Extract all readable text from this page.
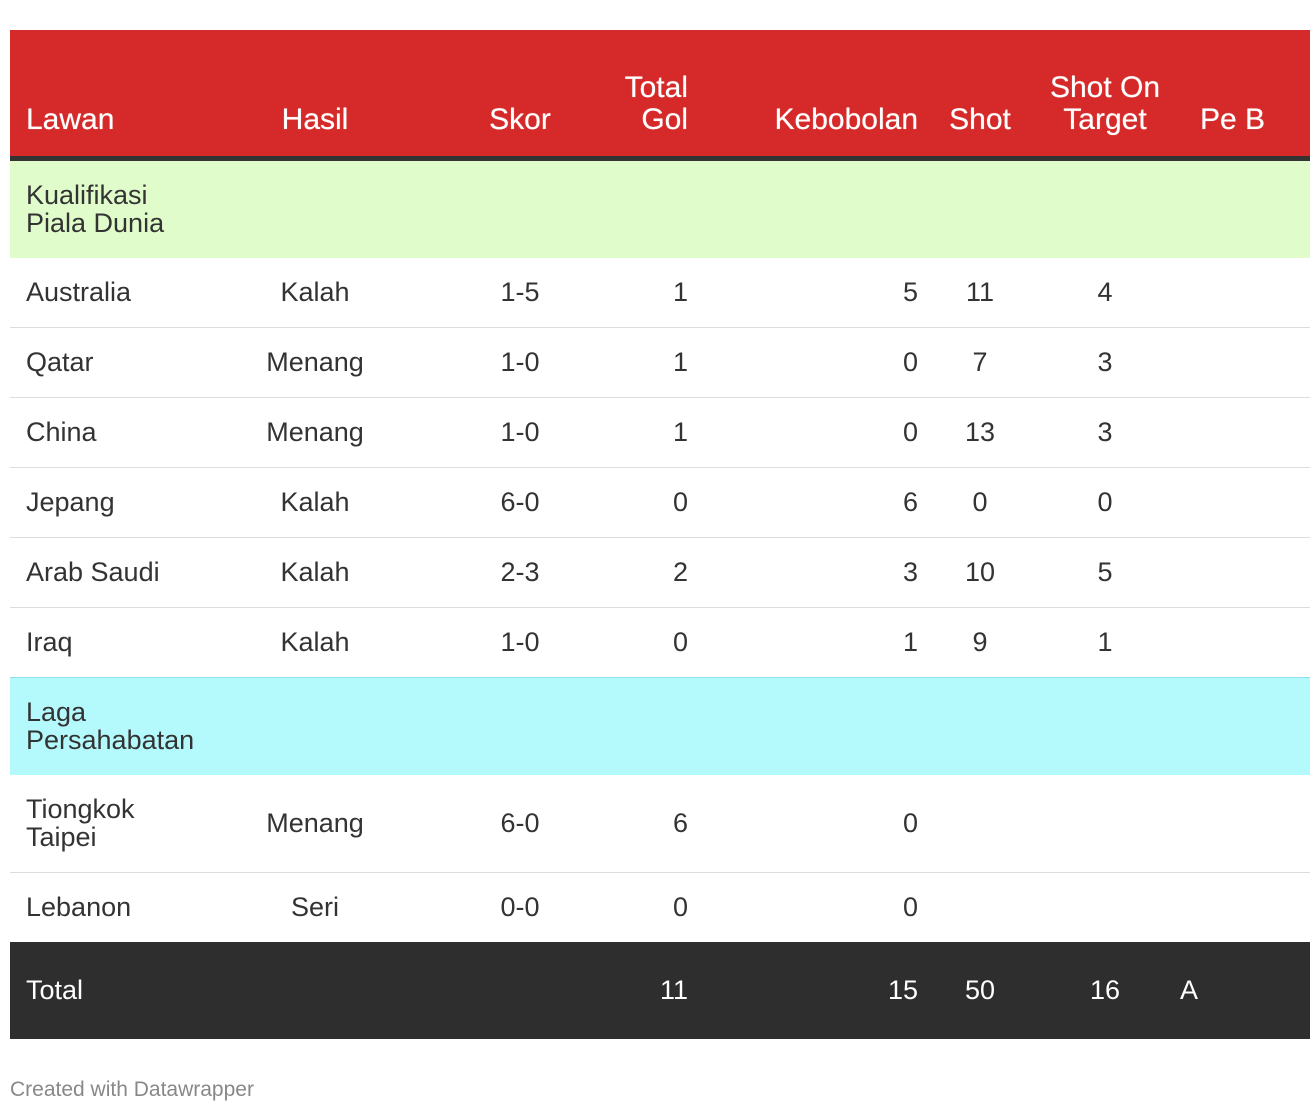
Lawan	Hasil	Skor	Total Gol	Kebobolan	Shot	Shot On Target	Pe B
Kualifikasi Piala Dunia							
Australia	Kalah	1-5	1	5	11	4	
Qatar	Menang	1-0	1	0	7	3	
China	Menang	1-0	1	0	13	3	
Jepang	Kalah	6-0	0	6	0	0	
Arab Saudi	Kalah	2-3	2	3	10	5	
Iraq	Kalah	1-0	0	1	9	1	
Laga Persahabatan							
Tiongkok Taipei	Menang	6-0	6	0			
Lebanon	Seri	0-0	0	0			
Total			11	15	50	16	A
Created with Datawrapper
